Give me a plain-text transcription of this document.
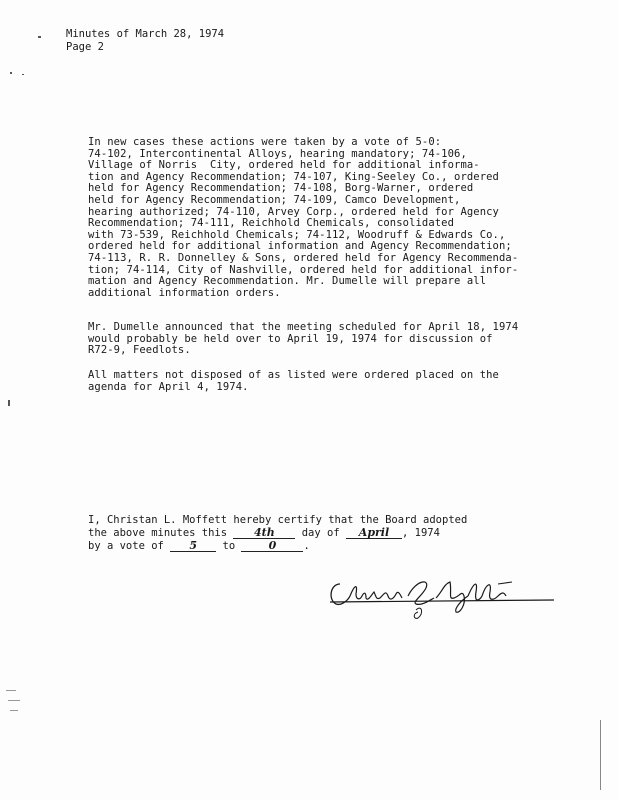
Minutes of March 28, 1974
Page 2
In new cases these actions were taken by a vote of 5-0:
74-102, Intercontinental Alloys, hearing mandatory; 74-106,
Village of Norris  City, ordered held for additional informa-
tion and Agency Recommendation; 74-107, King-Seeley Co., ordered
held for Agency Recommendation; 74-108, Borg-Warner, ordered
held for Agency Recommendation; 74-109, Camco Development,
hearing authorized; 74-110, Arvey Corp., ordered held for Agency
Recommendation; 74-111, Reichhold Chemicals, consolidated
with 73-539, Reichhold Chemicals; 74-112, Woodruff & Edwards Co.,
ordered held for additional information and Agency Recommendation;
74-113, R. R. Donnelley & Sons, ordered held for Agency Recommenda-
tion; 74-114, City of Nashville, ordered held for additional infor-
mation and Agency Recommendation. Mr. Dumelle will prepare all
additional information orders.
Mr. Dumelle announced that the meeting scheduled for April 18, 1974
would probably be held over to April 19, 1974 for discussion of
R72-9, Feedlots.
All matters not disposed of as listed were ordered placed on the
agenda for April 4, 1974.
I, Christan L. Moffett hereby certify that the Board adopted
the above minutes this 4th day of April , 1974
by a vote of 5 to 0	.
